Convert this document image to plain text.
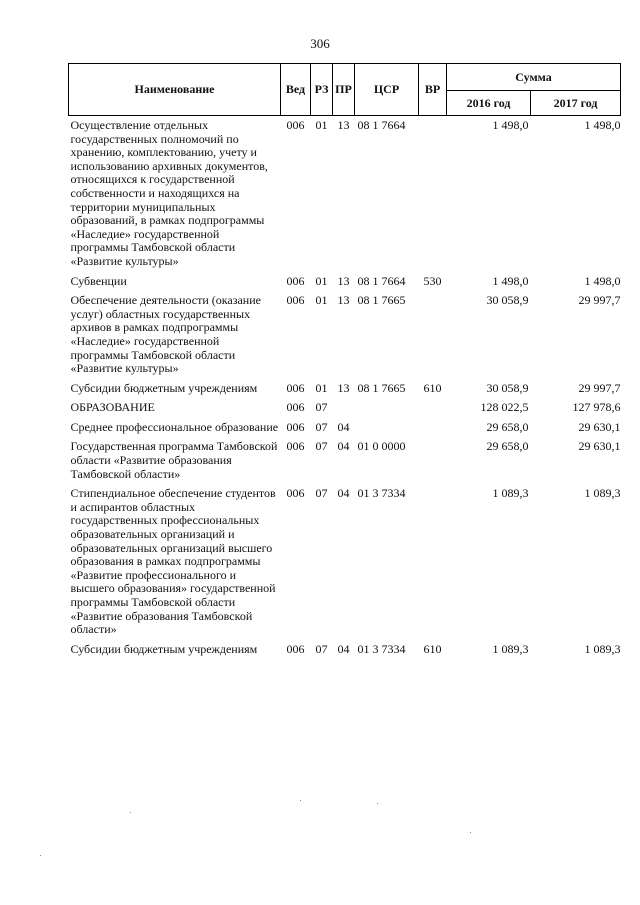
306
Наименование	Вед	РЗ	ПР	ЦСР	ВР	Сумма	
						2016 год	2017 год
Осуществление отдельных государственных полномочий по хранению, комплектованию, учету и использованию архивных документов, относящихся к государственной собственности и находящихся на территории муниципальных образований, в рамках подпрограммы «Наследие» государственной программы Тамбовской области «Развитие культуры»	006	01	13	08 1 7664		1 498,0	1 498,0
Субвенции	006	01	13	08 1 7664	530	1 498,0	1 498,0
Обеспечение деятельности (оказание услуг) областных государственных архивов в рамках подпрограммы «Наследие» государственной программы Тамбовской области «Развитие культуры»	006	01	13	08 1 7665		30 058,9	29 997,7
Субсидии бюджетным учреждениям	006	01	13	08 1 7665	610	30 058,9	29 997,7
ОБРАЗОВАНИЕ	006	07				128 022,5	127 978,6
Среднее профессиональное образование	006	07	04			29 658,0	29 630,1
Государственная программа Тамбовской области «Развитие образования Тамбовской области»	006	07	04	01 0 0000		29 658,0	29 630,1
Стипендиальное обеспечение студентов и аспирантов областных государственных профессиональных образовательных организаций и образовательных организаций высшего образования в рамках подпрограммы «Развитие профессионального и высшего образования» государственной программы Тамбовской области «Развитие образования Тамбовской области»	006	07	04	01 3 7334		1 089,3	1 089,3
Субсидии бюджетным учреждениям	006	07	04	01 3 7334	610	1 089,3	1 089,3
